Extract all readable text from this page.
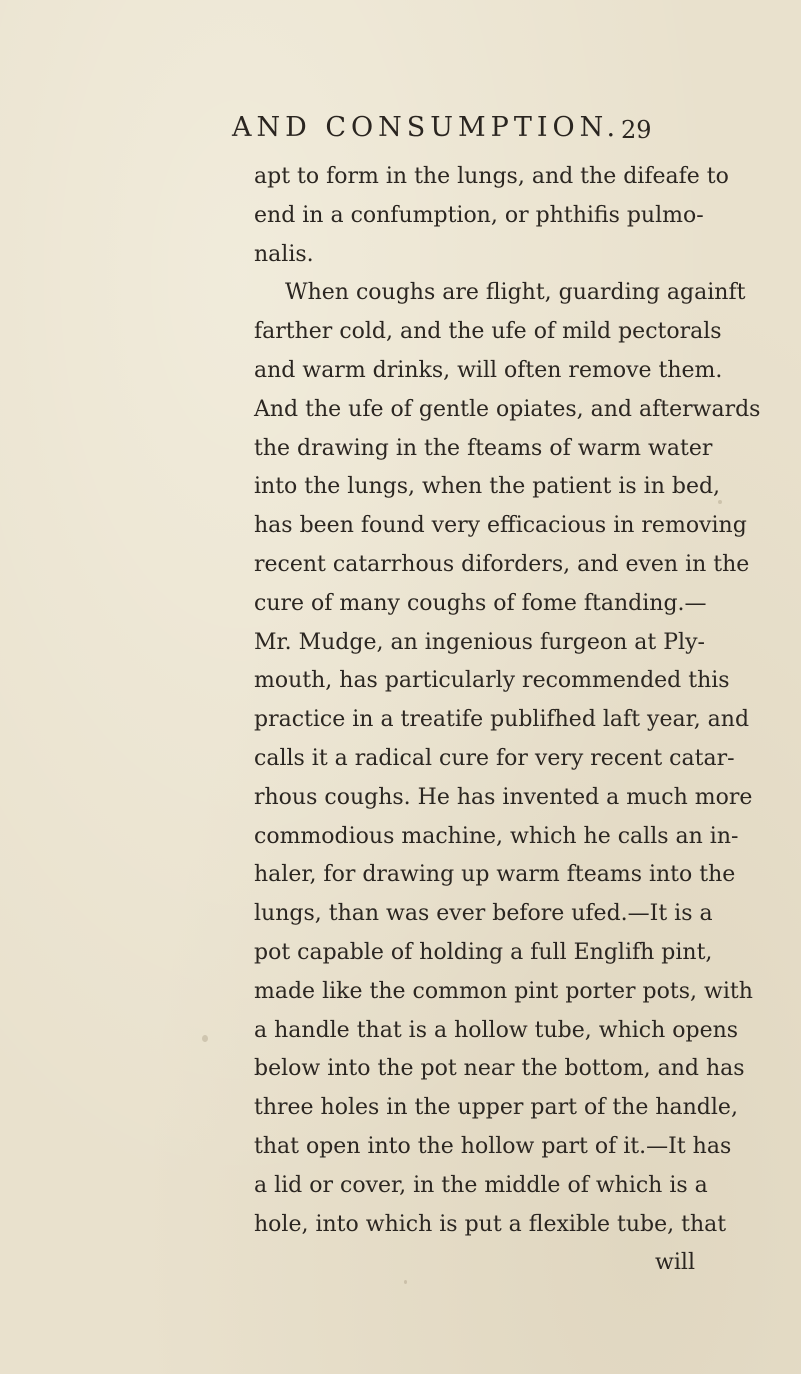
AND CONSUMPTION. 29
apt to form in the lungs, and the difeafe to
end in a confumption, or phthifis pulmo-
nalis.
When coughs are flight, guarding againft
farther cold, and the ufe of mild pectorals
and warm drinks, will often remove them.
And the ufe of gentle opiates, and afterwards
the drawing in the fteams of warm water
into the lungs, when the patient is in bed,
has been found very efficacious in removing
recent catarrhous diforders, and even in the
cure of many coughs of fome ftanding.—
Mr. Mudge, an ingenious furgeon at Ply-
mouth, has particularly recommended this
practice in a treatife publifhed laft year, and
calls it a radical cure for very recent catar-
rhous coughs. He has invented a much more
commodious machine, which he calls an in-
haler, for drawing up warm fteams into the
lungs, than was ever before ufed.—It is a
pot capable of holding a full Englifh pint,
made like the common pint porter pots, with
a handle that is a hollow tube, which opens
below into the pot near the bottom, and has
three holes in the upper part of the handle,
that open into the hollow part of it.—It has
a lid or cover, in the middle of which is a
hole, into which is put a flexible tube, that
will
